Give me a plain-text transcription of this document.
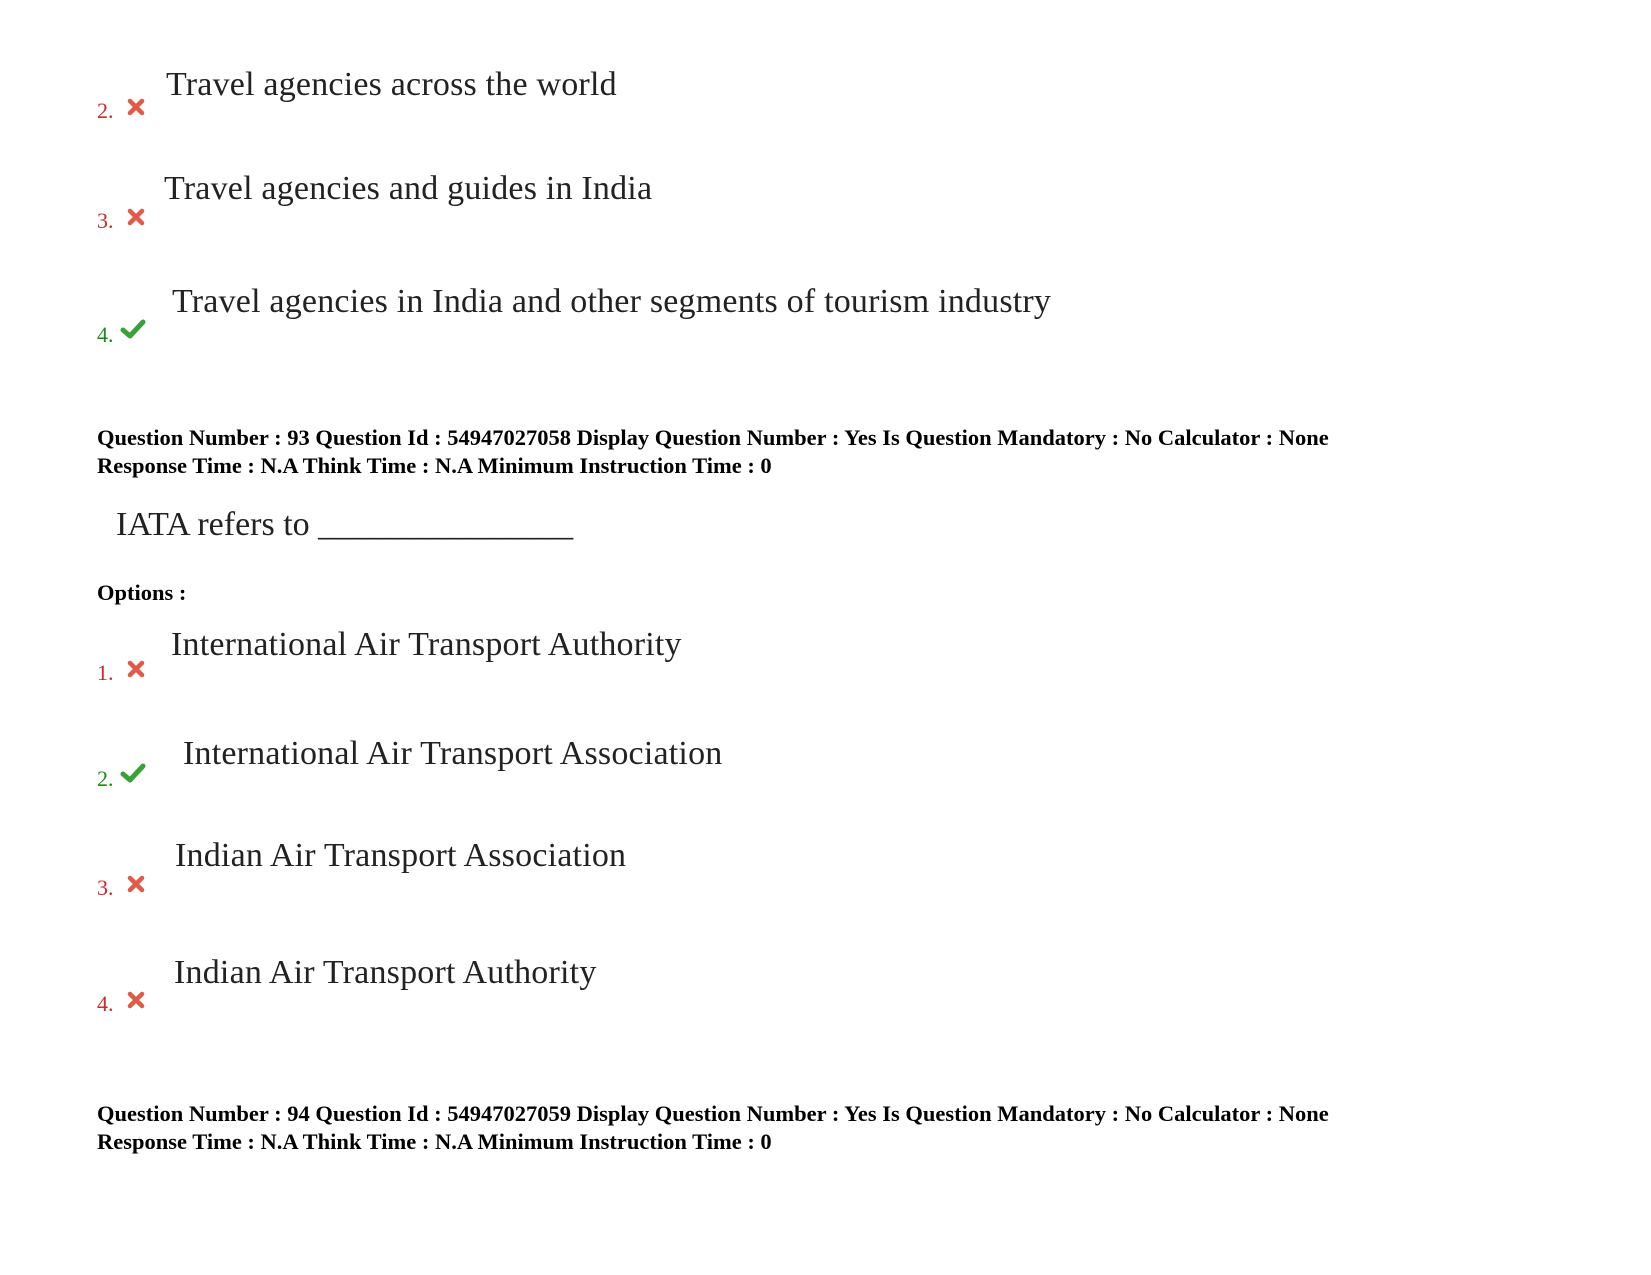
2.
Travel agencies across the world
3.
Travel agencies and guides in India
4.
Travel agencies in India and other segments of tourism industry
Question Number : 93 Question Id : 54947027058 Display Question Number : Yes Is Question Mandatory : No Calculator : None
Response Time : N.A Think Time : N.A Minimum Instruction Time : 0
IATA refers to _______________
Options :
1.
International Air Transport Authority
2.
International Air Transport Association
3.
Indian Air Transport Association
4.
Indian Air Transport Authority
Question Number : 94 Question Id : 54947027059 Display Question Number : Yes Is Question Mandatory : No Calculator : None
Response Time : N.A Think Time : N.A Minimum Instruction Time : 0
